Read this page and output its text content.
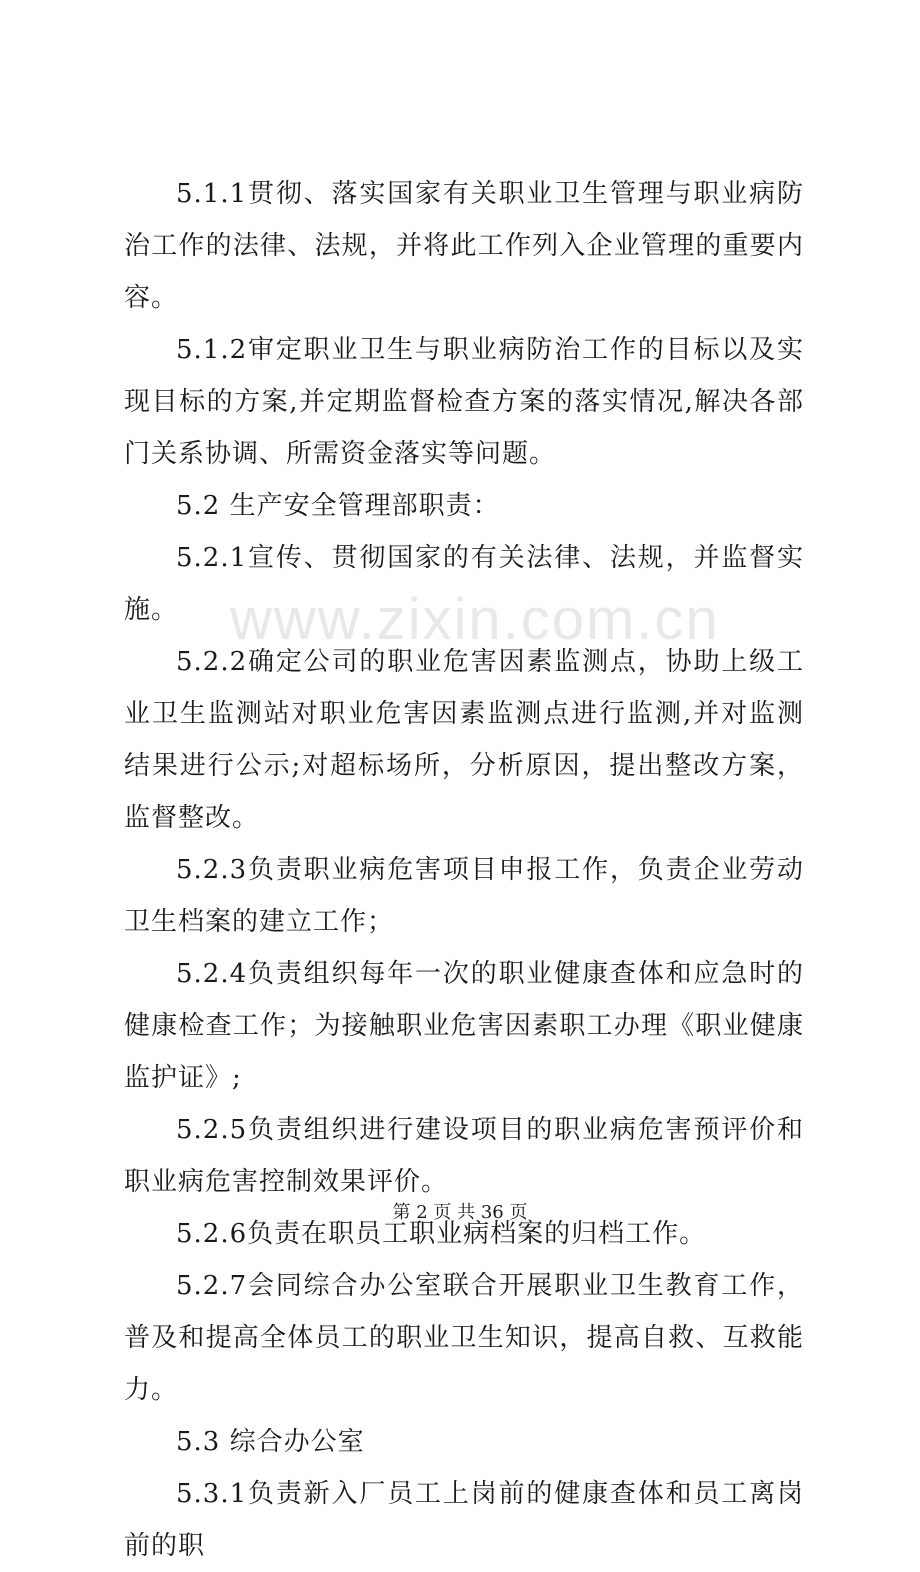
www.zixin.com.cn

5.1.1贯彻、落实国家有关职业卫生管理与职业病防治工作的法律、法规，并将此工作列入企业管理的重要内容。

5.1.2审定职业卫生与职业病防治工作的目标以及实现目标的方案,并定期监督检查方案的落实情况,解决各部门关系协调、所需资金落实等问题。

5.2 生产安全管理部职责：

5.2.1宣传、贯彻国家的有关法律、法规，并监督实施。

5.2.2确定公司的职业危害因素监测点，协助上级工业卫生监测站对职业危害因素监测点进行监测,并对监测结果进行公示;对超标场所，分析原因，提出整改方案，监督整改。

5.2.3负责职业病危害项目申报工作，负责企业劳动卫生档案的建立工作；

5.2.4负责组织每年一次的职业健康查体和应急时的健康检查工作；为接触职业危害因素职工办理《职业健康监护证》;

5.2.5负责组织进行建设项目的职业病危害预评价和职业病危害控制效果评价。

5.2.6负责在职员工职业病档案的归档工作。

5.2.7会同综合办公室联合开展职业卫生教育工作，普及和提高全体员工的职业卫生知识，提高自救、互救能力。

5.3 综合办公室

5.3.1负责新入厂员工上岗前的健康查体和员工离岗前的职

第 2 页 共 36 页
